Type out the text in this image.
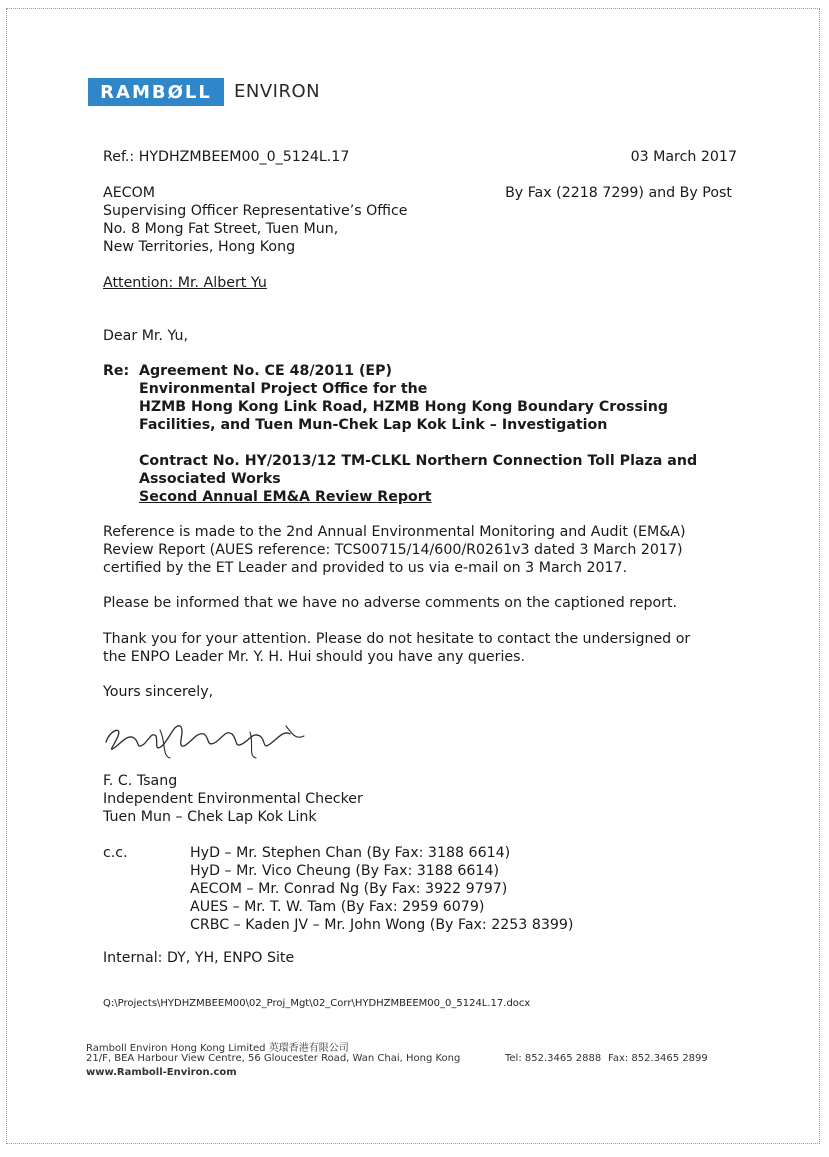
RAMBØLL ENVIRON
Ref.: HYDHZMBEEM00_0_5124L.17	03 March 2017
AECOM
Supervising Officer Representative’s Office
No. 8 Mong Fat Street, Tuen Mun,
New Territories, Hong Kong
By Fax (2218 7299) and By Post
Attention: Mr. Albert Yu
Dear Mr. Yu,
Re: Agreement No. CE 48/2011 (EP)
Environmental Project Office for the
HZMB Hong Kong Link Road, HZMB Hong Kong Boundary Crossing
Facilities, and Tuen Mun-Chek Lap Kok Link – Investigation
Contract No. HY/2013/12 TM-CLKL Northern Connection Toll Plaza and
Associated Works
Second Annual EM&A Review Report
Reference is made to the 2nd Annual Environmental Monitoring and Audit (EM&A)
Review Report (AUES reference: TCS00715/14/600/R0261v3 dated 3 March 2017)
certified by the ET Leader and provided to us via e-mail on 3 March 2017.
Please be informed that we have no adverse comments on the captioned report.
Thank you for your attention. Please do not hesitate to contact the undersigned or
the ENPO Leader Mr. Y. H. Hui should you have any queries.
Yours sincerely,
F. C. Tsang
Independent Environmental Checker
Tuen Mun – Chek Lap Kok Link
c.c.	HyD – Mr. Stephen Chan (By Fax: 3188 6614)
HyD – Mr. Vico Cheung (By Fax: 3188 6614)
AECOM – Mr. Conrad Ng (By Fax: 3922 9797)
AUES – Mr. T. W. Tam (By Fax: 2959 6079)
CRBC – Kaden JV – Mr. John Wong (By Fax: 2253 8399)
Internal: DY, YH, ENPO Site
Q:\Projects\HYDHZMBEEM00\02_Proj_Mgt\02_Corr\HYDHZMBEEM00_0_5124L.17.docx
Ramboll Environ Hong Kong Limited 英環香港有限公司
21/F, BEA Harbour View Centre, 56 Gloucester Road, Wan Chai, Hong Kong	Tel: 852.3465 2888 Fax: 852.3465 2899
www.Ramboll-Environ.com
